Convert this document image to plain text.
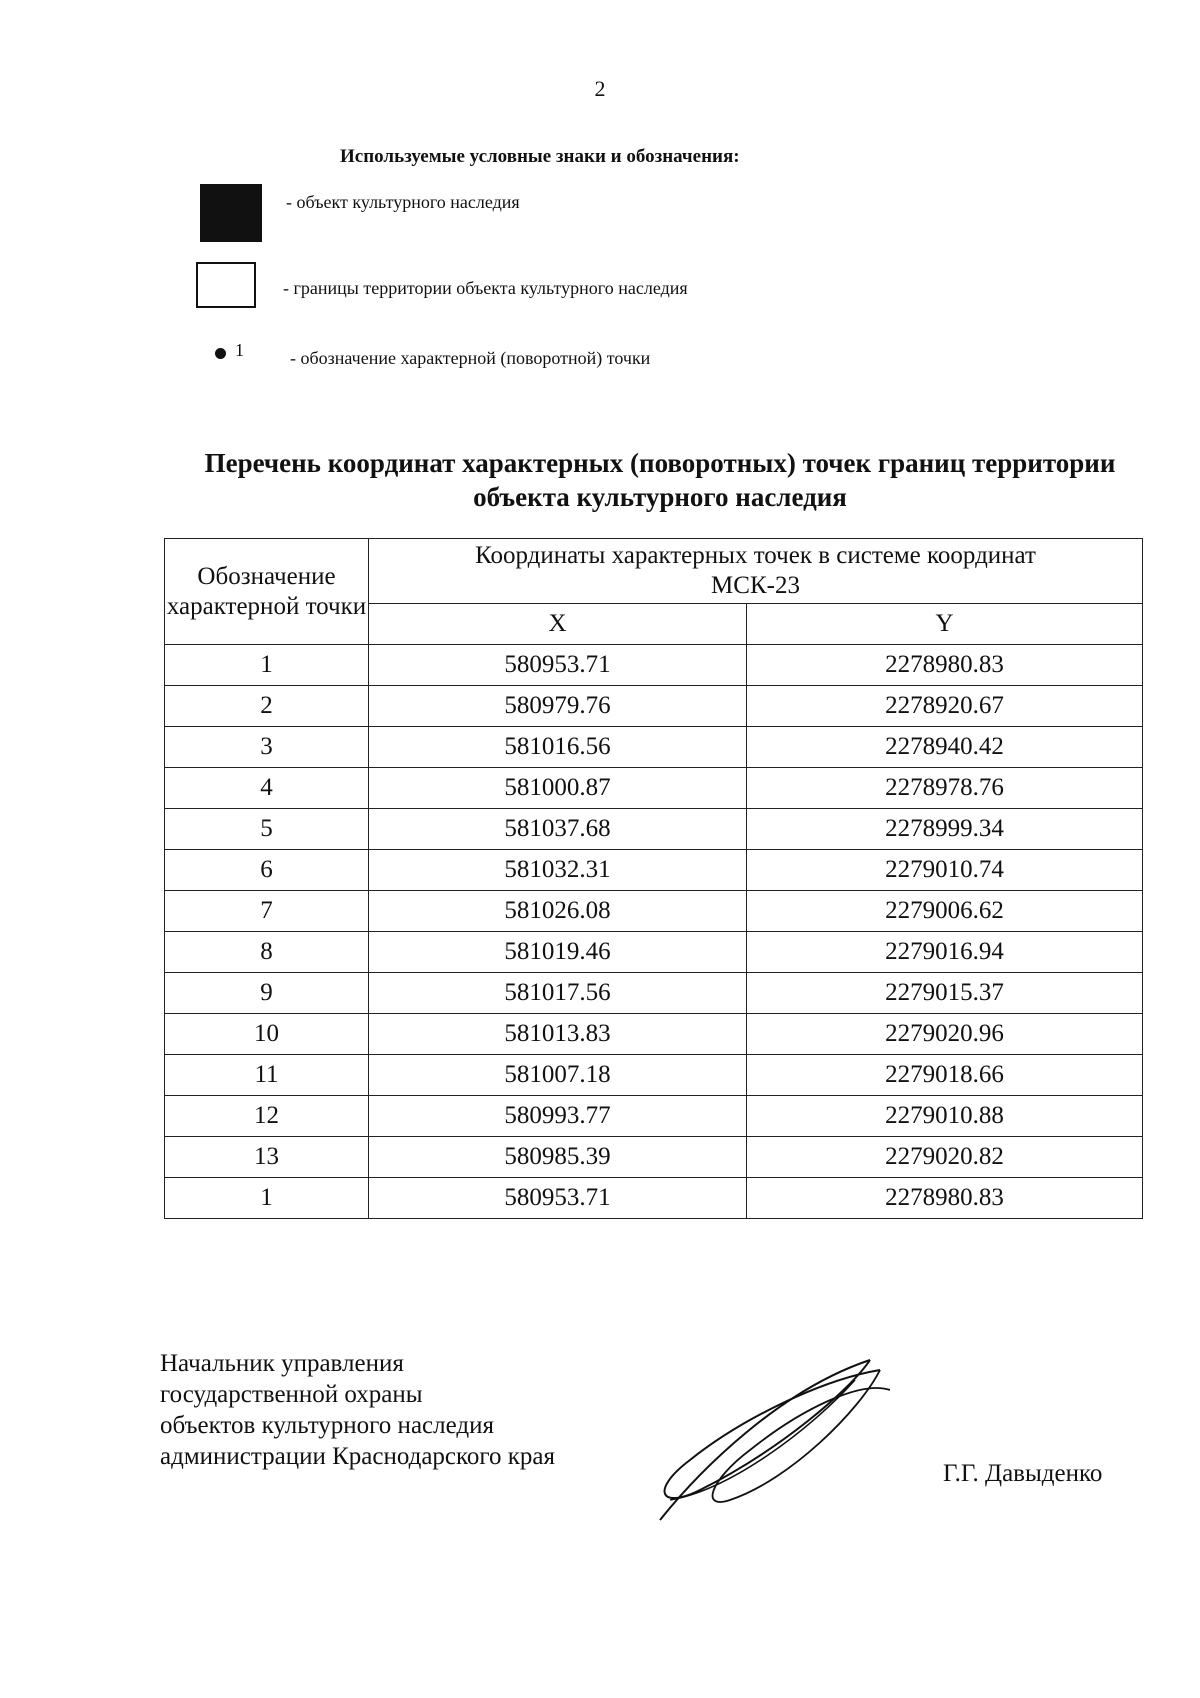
2
Используемые условные знаки и обозначения:
- объект культурного наследия
- границы территории объекта культурного наследия
1	- обозначение характерной (поворотной) точки
Перечень координат характерных (поворотных) точек границ территории
объекта культурного наследия
Обозначение характерной точки	Координаты характерных точек в системе координат МСК-23	
	X	Y
1	580953.71	2278980.83
2	580979.76	2278920.67
3	581016.56	2278940.42
4	581000.87	2278978.76
5	581037.68	2278999.34
6	581032.31	2279010.74
7	581026.08	2279006.62
8	581019.46	2279016.94
9	581017.56	2279015.37
10	581013.83	2279020.96
11	581007.18	2279018.66
12	580993.77	2279010.88
13	580985.39	2279020.82
1	580953.71	2278980.83
Начальник управления
государственной охраны
объектов культурного наследия
администрации Краснодарского края
Г.Г. Давыденко
